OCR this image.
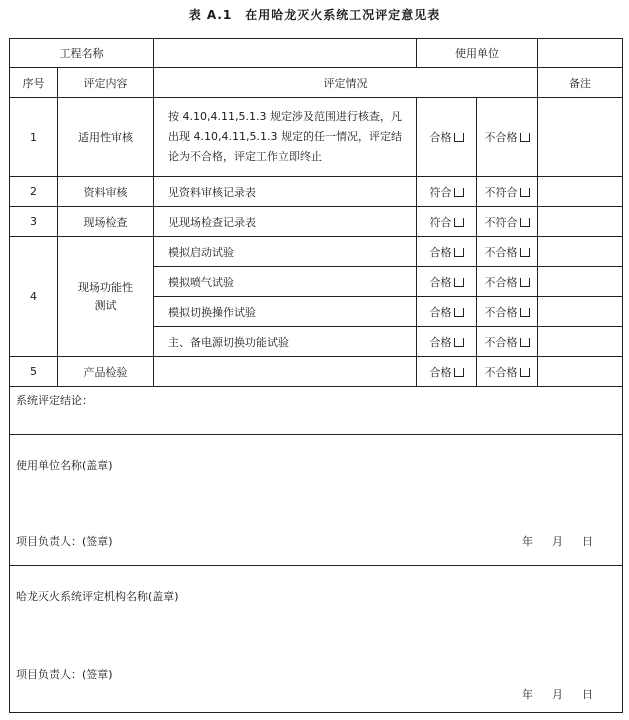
表 A.1　在用哈龙灭火系统工况评定意见表
工程名称			使用单位		
序号	评定内容	评定情况			备注
1	适用性审核	按 4.10,4.11,5.1.3 规定涉及范围进行核查，凡出现 4.10,4.11,5.1.3 规定的任一情况，评定结论为不合格，评定工作立即终止	合格	不合格	
2	资料审核	见资料审核记录表	符合	不符合	
3	现场检查	见现场检查记录表	符合	不符合	
4	现场功能性测试	模拟启动试验	合格	不合格	
		模拟喷气试验	合格	不合格	
		模拟切换操作试验	合格	不合格	
		主、备电源切换功能试验	合格	不合格	
5	产品检验		合格	不合格	

系统评定结论：					

使用单位名称(盖章)
项目负责人：(签章) 年 月 日					

哈龙灭火系统评定机构名称(盖章)
项目负责人：(签章)
年 月 日					
